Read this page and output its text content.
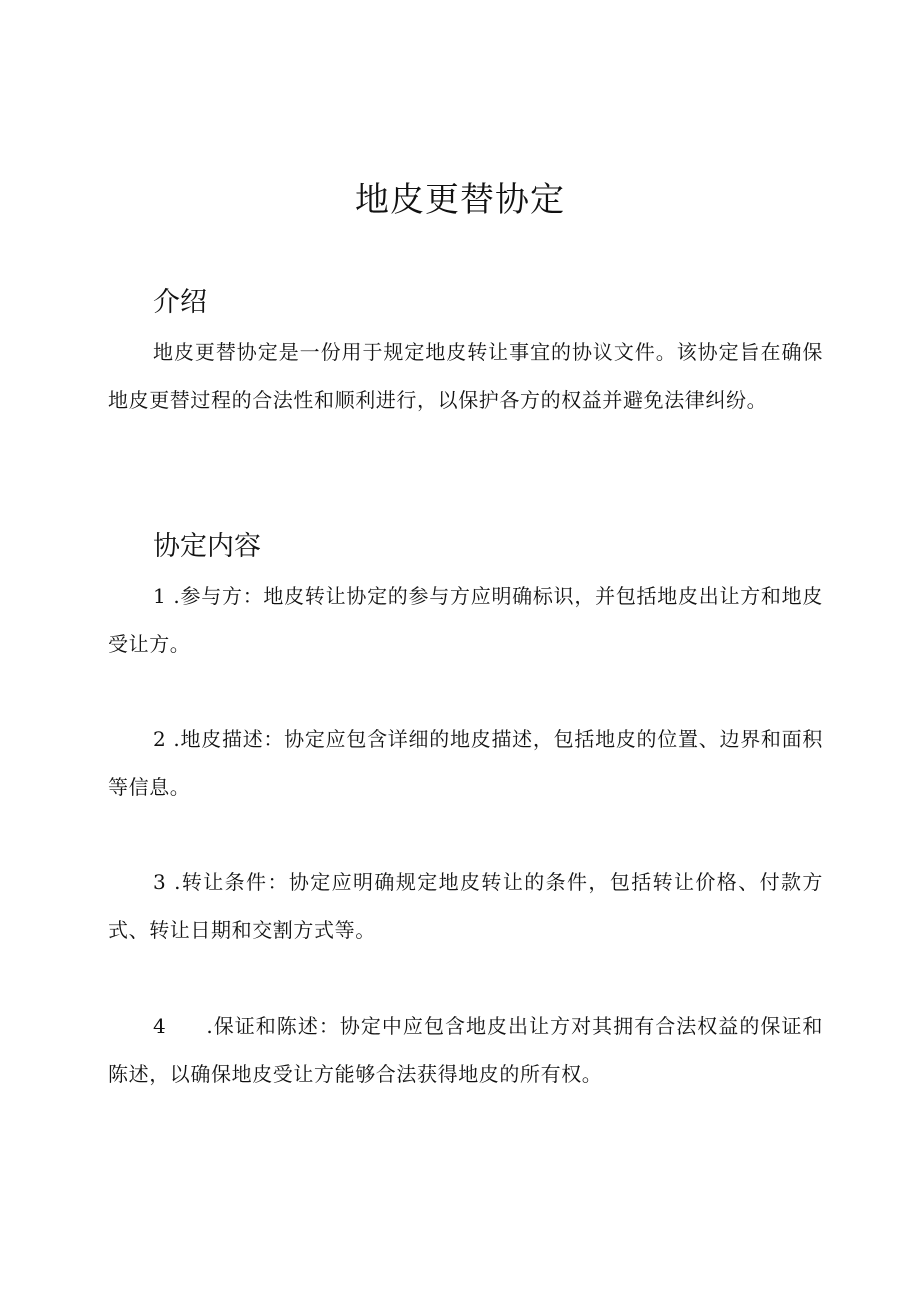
地皮更替协定
介绍

地皮更替协定是一份用于规定地皮转让事宜的协议文件。该协定旨在确保地皮更替过程的合法性和顺利进行，以保护各方的权益并避免法律纠纷。

协定内容

1 .参与方：地皮转让协定的参与方应明确标识，并包括地皮出让方和地皮受让方。

2 .地皮描述：协定应包含详细的地皮描述，包括地皮的位置、边界和面积等信息。

3 .转让条件：协定应明确规定地皮转让的条件，包括转让价格、付款方式、转让日期和交割方式等。

4 .保证和陈述：协定中应包含地皮出让方对其拥有合法权益的保证和陈述，以确保地皮受让方能够合法获得地皮的所有权。
